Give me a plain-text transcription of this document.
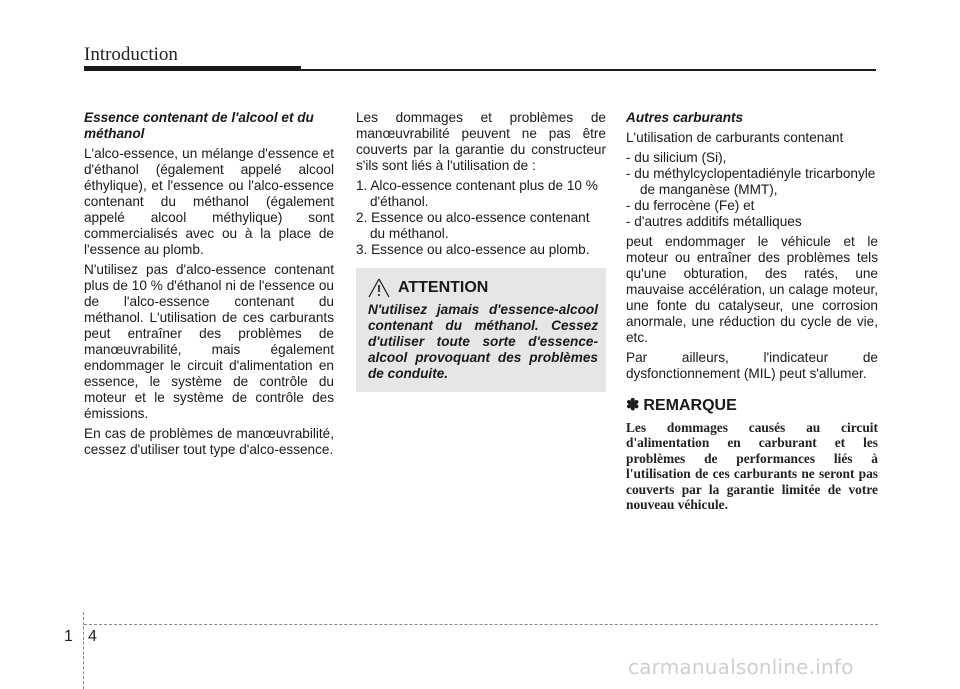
Introduction
Essence contenant de l'alcool et du méthanol

L'alco-essence, un mélange d'essence et d'éthanol (également appelé alcool éthylique), et l'essence ou l'alco-essence contenant du méthanol (également appelé alcool méthylique) sont commercialisés avec ou à la place de l'essence au plomb.

N'utilisez pas d'alco-essence contenant plus de 10 % d'éthanol ni de l'essence ou de l'alco-essence contenant du méthanol. L'utilisation de ces carburants peut entraîner des problèmes de manœuvrabilité, mais également endommager le circuit d'alimentation en essence, le système de contrôle du moteur et le système de contrôle des émissions.

En cas de problèmes de manœuvrabilité, cessez d'utiliser tout type d'alco-essence.

Les dommages et problèmes de manœuvrabilité peuvent ne pas être couverts par la garantie du constructeur s'ils sont liés à l'utilisation de :

1. Alco-essence contenant plus de 10 % d'éthanol.
2. Essence ou alco-essence contenant du méthanol.
3. Essence ou alco-essence au plomb.
ATTENTION
N'utilisez jamais d'essence-alcool contenant du méthanol. Cessez d'utiliser toute sorte d'essence-alcool provoquant des problèmes de conduite.
Autres carburants

L'utilisation de carburants contenant

- du silicium (Si),
- du méthylcyclopentadiényle tricarbonyle de manganèse (MMT),
- du ferrocène (Fe) et
- d'autres additifs métalliques

peut endommager le véhicule et le moteur ou entraîner des problèmes tels qu'une obturation, des ratés, une mauvaise accélération, un calage moteur, une fonte du catalyseur, une corrosion anormale, une réduction du cycle de vie, etc.

Par ailleurs, l'indicateur de dysfonctionnement (MIL) peut s'allumer.

✽ REMARQUE
Les dommages causés au circuit d'alimentation en carburant et les problèmes de performances liés à l'utilisation de ces carburants ne seront pas couverts par la garantie limitée de votre nouveau véhicule.
1 4
carmanualsonline.info
